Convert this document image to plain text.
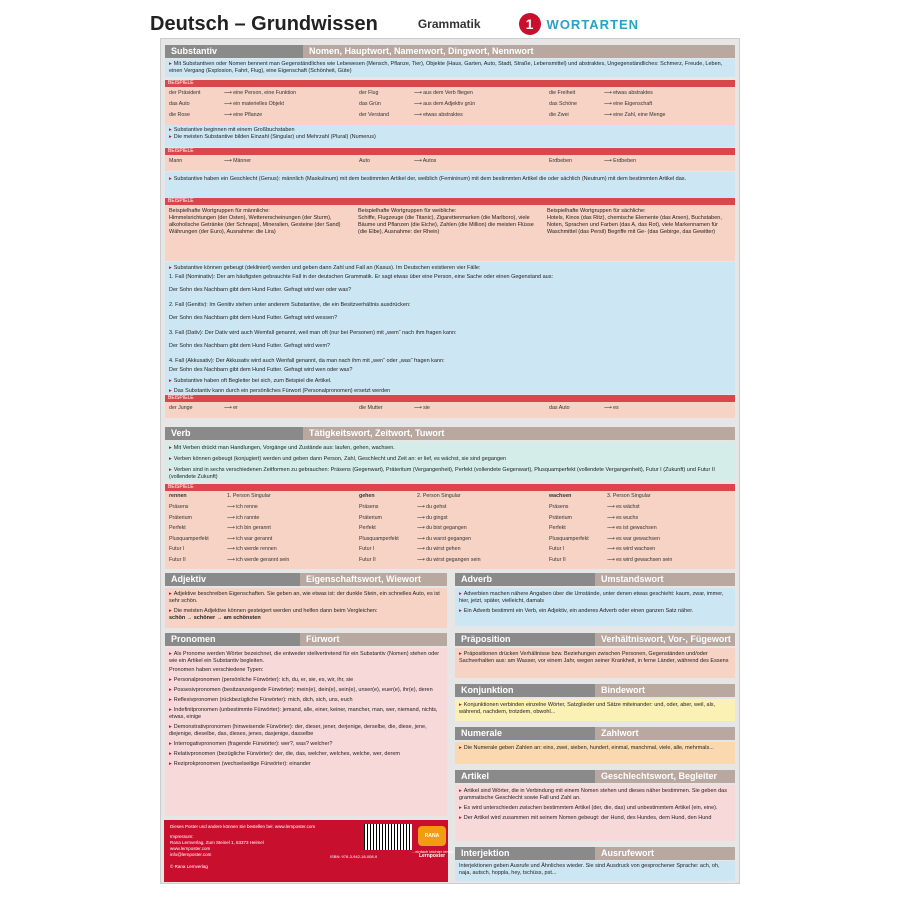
Deutsch – Grundwissen	Grammatik	1	WORTARTEN
Substantiv	Nomen, Hauptwort, Namenwort, Dingwort, Nennwort
▸ Mit Substantiven oder Nomen bennent man Gegenständliches wie Lebewesen (Mensch, Pflanze, Tier), Objekte (Haus, Garten, Auto, Stadt, Straße, Lebensmittel) und abstraktes, Ungegenständliches: Schmerz, Freude, Leben, einen Vergang (Explosion, Fahrt, Flug), eine Eigenschaft (Schönheit, Güte)
BEISPIELE
der Präsident	⟶ eine Person, eine Funktion	der Flug	⟶ aus dem Verb fliegen	die Freiheit	⟶ etwas abstraktes
das Auto	⟶ ein materielles Objekt	das Grün	⟶ aus dem Adjektiv grün	das Schöne	⟶ eine Eigenschaft
die Rose	⟶ eine Pflanze	der Verstand	⟶ etwas abstraktes	die Zwei	⟶ eine Zahl, eine Menge
▸ Substantive beginnen mit einem Großbuchstaben
▸ Die meisten Substantive bilden Einzahl (Singular) und Mehrzahl (Plural) (Numerus)
BEISPIELE
Mann	⟶ Männer	Auto	⟶ Autos	Erdbeben	⟶ Erdbeben
▸ Substantive haben ein Geschlecht (Genus): männlich (Maskulinum) mit dem bestimmten Artikel der, weiblich (Femininum) mit dem bestimmten Artikel die oder sächlich (Neutrum) mit dem bestimmten Artikel das.
BEISPIELE
Beispielhafte Wortgruppen für männliche:
Himmelsrichtungen (der Osten), Wettererscheinungen (der Sturm), alkoholische Getränke (der Schnaps), Mineralien, Gesteine (der Sand) Währungen (der Euro), Ausnahme: die Lira)
Beispielhafte Wortgruppen für weibliche:
Schiffe, Flugzeuge (die Titanic), Zigarettenmarken (die Marlboro), viele Bäume und Pflanzen (die Eiche), Zahlen (die Million) die meisten Flüsse (die Elbe), Ausnahme: der Rhein)
Beispielhafte Wortgruppen für sächliche:
Hotels, Kinos (das Ritz), chemische Elemente (das Arsen), Buchstaben, Noten, Sprachen und Farben (das A, das Rot), viele Markennamen für Waschmittel (das Persil) Begriffe mit Ge- (das Gebirge, das Gewitter)
▸ Substantive können gebeugt (dekliniert) werden und geben dann Zahl und Fall an (Kasus). Im Deutschen existieren vier Fälle:
1. Fall (Nominativ): Der am häufigsten gebrauchte Fall in der deutschen Grammatik. Er sagt etwas über eine Person, eine Sache oder einen Gegenstand aus:
Der Sohn des Nachbarn gibt dem Hund Futter. Gefragt wird wer oder was?
2. Fall (Genitiv): Im Genitiv stehen unter anderem Substantive, die ein Besitzverhältnis ausdrücken:
Der Sohn des Nachbarn gibt dem Hund Futter. Gefragt wird wessen?
3. Fall (Dativ): Der Dativ wird auch Wemfall genannt, weil man oft (nur bei Personen) mit „wem“ nach ihm fragen kann:
Der Sohn des Nachbarn gibt dem Hund Futter. Gefragt wird wem?
4. Fall (Akkusativ): Der Akkusativ wird auch Wenfall genannt, da man nach ihm mit „wen“ oder „was“ fragen kann:
Der Sohn des Nachbarn gibt dem Hund Futter. Gefragt wird wen oder was?
▸ Substantive haben oft Begleiter bei sich, zum Beispiel die Artikel.
▸ Das Substantiv kann durch ein persönliches Fürwort (Personalpronomen) ersetzt werden
BEISPIELE
der Junge	⟶ er	die Mutter	⟶ sie	das Auto	⟶ es
Verb	Tätigkeitswort, Zeitwort, Tuwort
▸ Mit Verben drückt man Handlungen, Vorgänge und Zustände aus: laufen, gehen, wachsen.
▸ Verben können gebeugt (konjugiert) werden und geben dann Person, Zahl, Geschlecht und Zeit an: er lief, es wächst, sie sind gegangen
▸ Verben sind in sechs verschiedenen Zeitformen zu gebrauchen: Präsens (Gegenwart), Präteritum (Vergangenheit), Perfekt (vollendete Gegenwart), Plusquamperfekt (vollendete Vergangenheit), Futur I (Zukunft) und Futur II (vollendete Zukunft)
BEISPIELE
rennen	1. Person Singular
Präsens	⟶ ich renne
Präterium	⟶ ich rannte
Perfekt	⟶ ich bin gerannt
Plusquamperfekt	⟶ ich war gerannt
Futur I	⟶ ich werde rennen
Futur II	⟶ ich werde gerannt sein
gehen	2. Person Singular
Präsens	⟶ du gehst
Präterium	⟶ du gingst
Perfekt	⟶ du bist gegangen
Plusquamperfekt	⟶ du warst gegangen
Futur I	⟶ du wirst gehen
Futur II	⟶ du wirst gegangen sein
wachsen	3. Person Singular
Präsens	⟶ es wächst
Präterium	⟶ es wuchs
Perfekt	⟶ es ist gewachsen
Plusquamperfekt	⟶ es war gewachsen
Futur I	⟶ es wird wachsen
Futur II	⟶ es wird gewachsen sein
Adjektiv	Eigenschaftswort, Wiewort
▸ Adjektive beschreiben Eigenschaften. Sie geben an, wie etwas ist: der dunkle Stein, ein schnelles Auto, es ist sehr schön.
▸ Die meisten Adjektive können gesteigert werden und helfen dann beim Vergleichen:
schön → schöner → am schönsten
Pronomen	Fürwort
▸ Als Pronome werden Wörter bezeichnet, die entweder stellvertretend für ein Substantiv (Nomen) stehen oder wie ein Artikel ein Substantiv begleiten.
Pronomen haben verschiedene Typen:
▸ Personalpronomen (persönliche Fürwörter): ich, du, er, sie, es, wir, ihr, sie
▸ Possesivpronomen (besitzanzeigende Fürwörter): mein(e), dein(e), sein(e), unser(e), euer(e), ihr(e), deren
▸ Reflexivpronomen (rückbezügliche Fürwörter): mich, dich, sich, uns, euch
▸ Indefinitpronomen (unbestimmte Fürwörter): jemand, alle, einer, keiner, mancher, man, wer, niemand, nichts, etwas, einige
▸ Demonstrativpronomen (hinweisende Fürwörter): der, dieser, jener, derjenige, derselbe, die, diese, jene, diejenige, dieselbe, das, dieses, jenes, dasjenige, dasselbe
▸ Interrogativpronomen (fragende Fürwörter): wer?, was? welcher?
▸ Relativpronomen (bezügliche Fürwörter): der, die, das, welcher, welches, welche, wer, derem
▸ Reziprokpronomen (wechselseitige Fürwörter): einander
Adverb	Umstandswort
▸ Adverbien machen nähere Angaben über die Umstände, unter denen etwas geschieht: kaum, zwar, immer, hier, jetzt, später, vielleicht, damals
▸ Ein Adverb bestimmt ein Verb, ein Adjektiv, ein anderes Adverb oder einen ganzen Satz näher.
Präposition	Verhältniswort, Vor-, Fügewort
▸ Präpositionen drücken Verhältnisse bzw. Beziehungen zwischen Personen, Gegenständen und/oder Sachverhalten aus: am Wasser, vor einem Jahr, wegen seiner Krankheit, in ferne Länder, während des Essens
Konjunktion	Bindewort
▸ Konjunktionen verbinden einzelne Wörter, Satzglieder und Sätze miteinander: und, oder, aber, weil, als, während, nachdem, trotzdem, obwohl...
Numerale	Zahlwort
▸ Die Numerale geben Zahlen an: eins, zwei, sieben, hundert, einmal, manchmal, viele, alle, mehrmals...
Artikel	Geschlechtswort, Begleiter
▸ Artikel sind Wörter, die in Verbindung mit einem Nomen stehen und dieses näher bestimmen. Sie geben das grammatische Geschlecht sowie Fall und Zahl an.
▸ Es wird unterschieden zwischen bestimmtem Artikel (der, die, das) und unbestimmtem Artikel (ein, eine).
▸ Der Artikel wird zusammen mit seinem Nomen gebeugt: der Hund, des Hundes, dem Hund, den Hund
Interjektion	Ausrufewort
Interjektionen geben Ausrufe und Ähnliches wieder. Sie sind Ausdruck von gesprochener Sprache: ach, oh, naja, autsch, hoppla, hey, tschüss, pst...
Dieses Poster und andere können Sie bestellen bei: www.lernposter.com
Impressum:
Rana Lernverlag, Zum Steinel 1, 63373 Heimel
www.lernposter.com
info@lernposter.com
© Rana Lernverlag
ISBN: 978-3-942-18-008-9
RANA Lernposter
...einfach leichter lernen
